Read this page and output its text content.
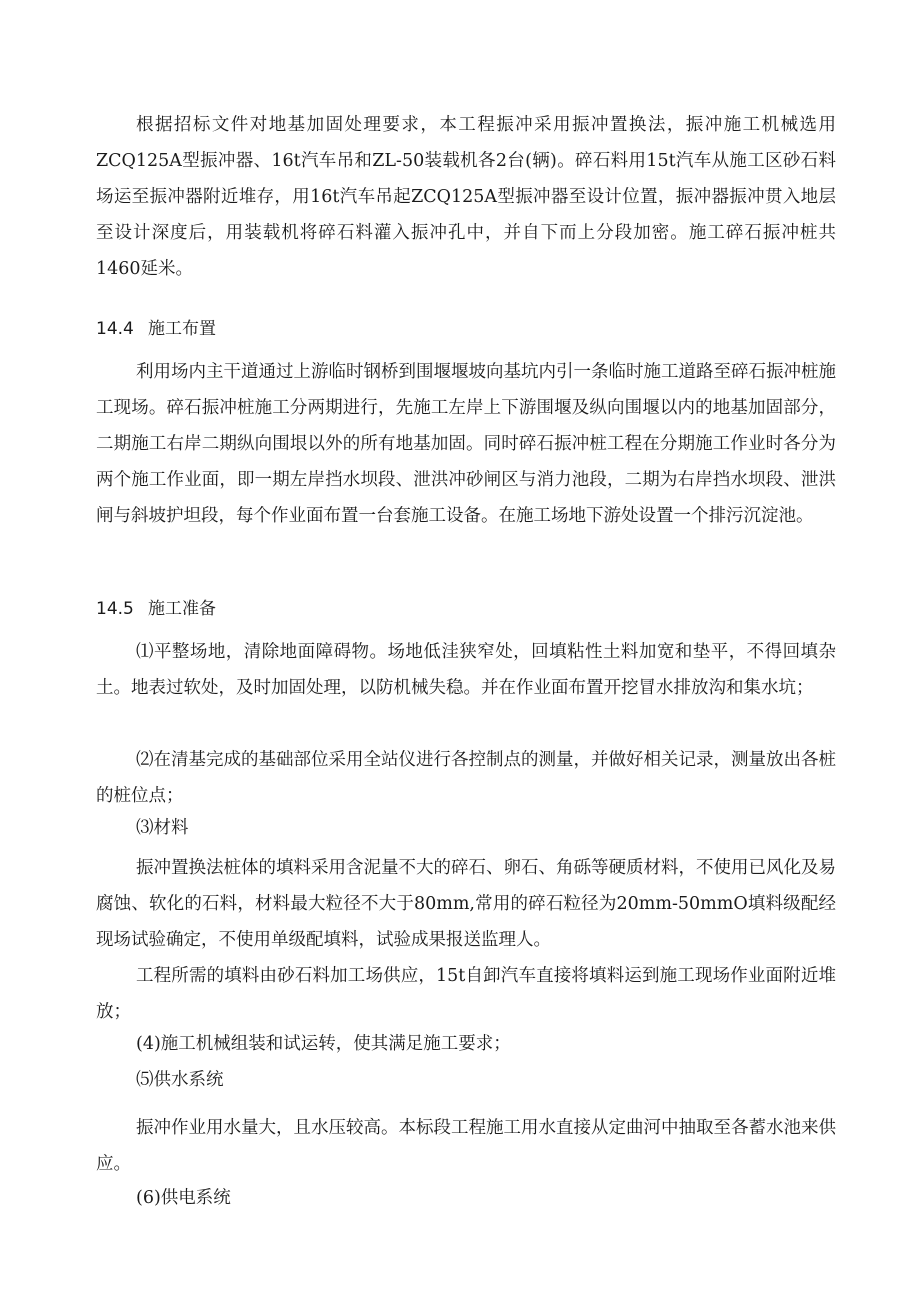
根据招标文件对地基加固处理要求，本工程振冲采用振冲置换法，振冲施工机械选用ZCQ125A型振冲器、16t汽车吊和ZL-50装载机各2台(辆)。碎石料用15t汽车从施工区砂石料场运至振冲器附近堆存，用16t汽车吊起ZCQ125A型振冲器至设计位置，振冲器振冲贯入地层至设计深度后，用装载机将碎石料灌入振冲孔中，并自下而上分段加密。施工碎石振冲桩共1460延米。

14.4 施工布置

利用场内主干道通过上游临时钢桥到围堰堰坡向基坑内引一条临时施工道路至碎石振冲桩施工现场。碎石振冲桩施工分两期进行，先施工左岸上下游围堰及纵向围堰以内的地基加固部分，二期施工右岸二期纵向围垠以外的所有地基加固。同时碎石振冲桩工程在分期施工作业时各分为两个施工作业面，即一期左岸挡水坝段、泄洪冲砂闸区与消力池段，二期为右岸挡水坝段、泄洪闸与斜坡护坦段，每个作业面布置一台套施工设备。在施工场地下游处设置一个排污沉淀池。

14.5 施工准备

⑴平整场地，清除地面障碍物。场地低洼狭窄处，回填粘性土料加宽和垫平，不得回填杂土。地表过软处，及时加固处理，以防机械失稳。并在作业面布置开挖冒水排放沟和集水坑；

⑵在清基完成的基础部位采用全站仪进行各控制点的测量，并做好相关记录，测量放出各桩的桩位点；

⑶材料

振冲置换法桩体的填料采用含泥量不大的碎石、卵石、角砾等硬质材料，不使用已风化及易腐蚀、软化的石料，材料最大粒径不大于80mm,常用的碎石粒径为20mm-50mmO填料级配经现场试验确定，不使用单级配填料，试验成果报送监理人。

工程所需的填料由砂石料加工场供应，15t自卸汽车直接将填料运到施工现场作业面附近堆放；

(4)施工机械组装和试运转，使其满足施工要求；

⑸供水系统

振冲作业用水量大，且水压较高。本标段工程施工用水直接从定曲河中抽取至各蓄水池来供应。

(6)供电系统
